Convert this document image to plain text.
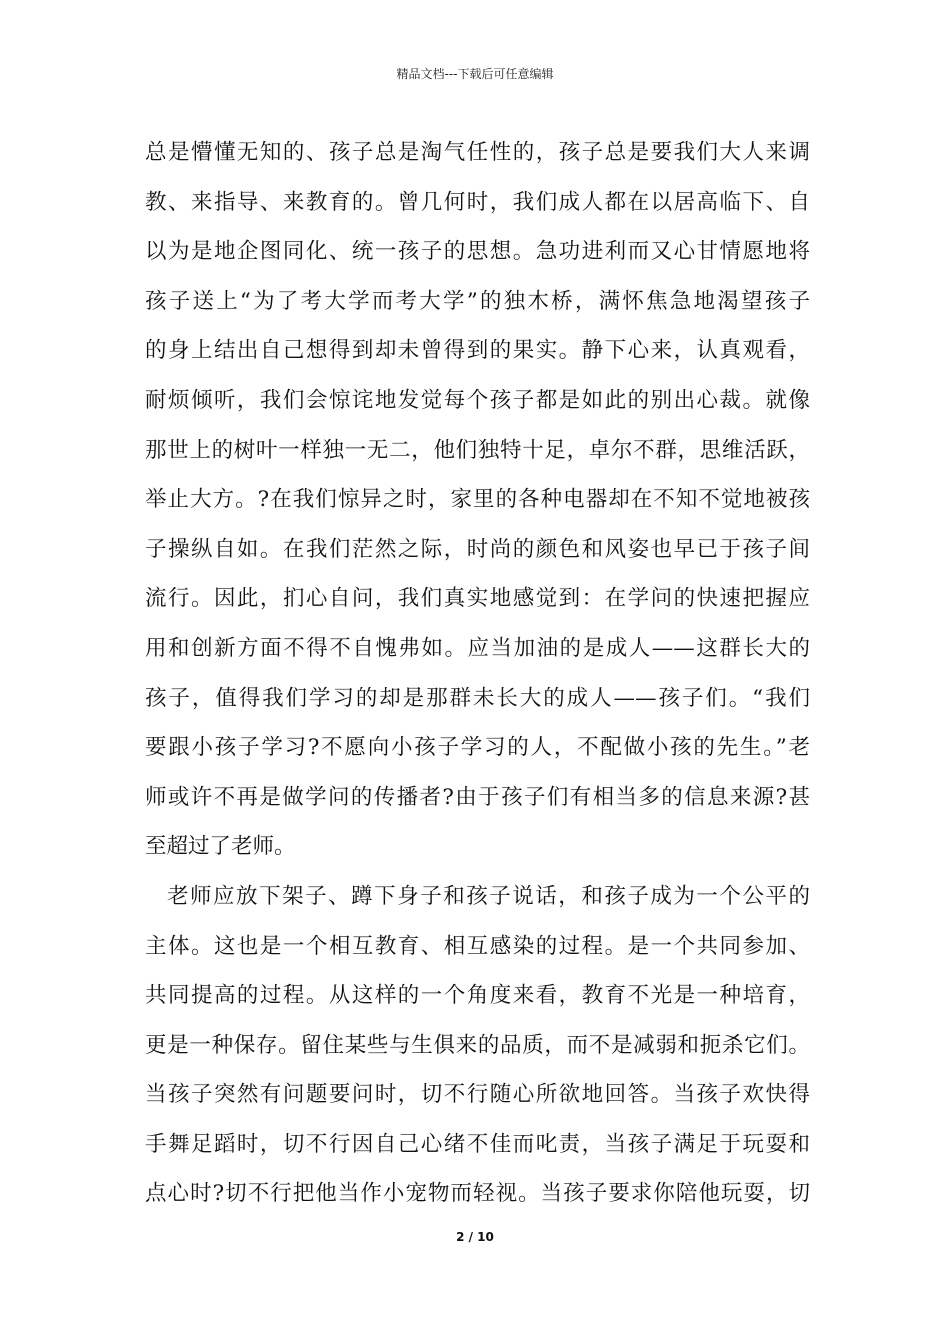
精品文档---下载后可任意编辑
总是懵懂无知的、孩子总是淘气任性的，孩子总是要我们大人来调
教、来指导、来教育的。曾几何时，我们成人都在以居高临下、自
以为是地企图同化、统一孩子的思想。急功进利而又心甘情愿地将
孩子送上“为了考大学而考大学”的独木桥，满怀焦急地渴望孩子
的身上结出自己想得到却未曾得到的果实。静下心来，认真观看，
耐烦倾听，我们会惊诧地发觉每个孩子都是如此的别出心裁。就像
那世上的树叶一样独一无二，他们独特十足，卓尔不群，思维活跃，
举止大方。?在我们惊异之时，家里的各种电器却在不知不觉地被孩
子操纵自如。在我们茫然之际，时尚的颜色和风姿也早已于孩子间
流行。因此，扪心自问，我们真实地感觉到：在学问的快速把握应
用和创新方面不得不自愧弗如。应当加油的是成人——这群长大的
孩子，值得我们学习的却是那群未长大的成人——孩子们。“我们
要跟小孩子学习?不愿向小孩子学习的人，不配做小孩的先生。”老
师或许不再是做学问的传播者?由于孩子们有相当多的信息来源?甚
至超过了老师。
老师应放下架子、蹲下身子和孩子说话，和孩子成为一个公平的
主体。这也是一个相互教育、相互感染的过程。是一个共同参加、
共同提高的过程。从这样的一个角度来看，教育不光是一种培育，
更是一种保存。留住某些与生俱来的品质，而不是减弱和扼杀它们。
当孩子突然有问题要问时，切不行随心所欲地回答。当孩子欢快得
手舞足蹈时，切不行因自己心绪不佳而叱责，当孩子满足于玩耍和
点心时?切不行把他当作小宠物而轻视。当孩子要求你陪他玩耍，切
2 / 10
